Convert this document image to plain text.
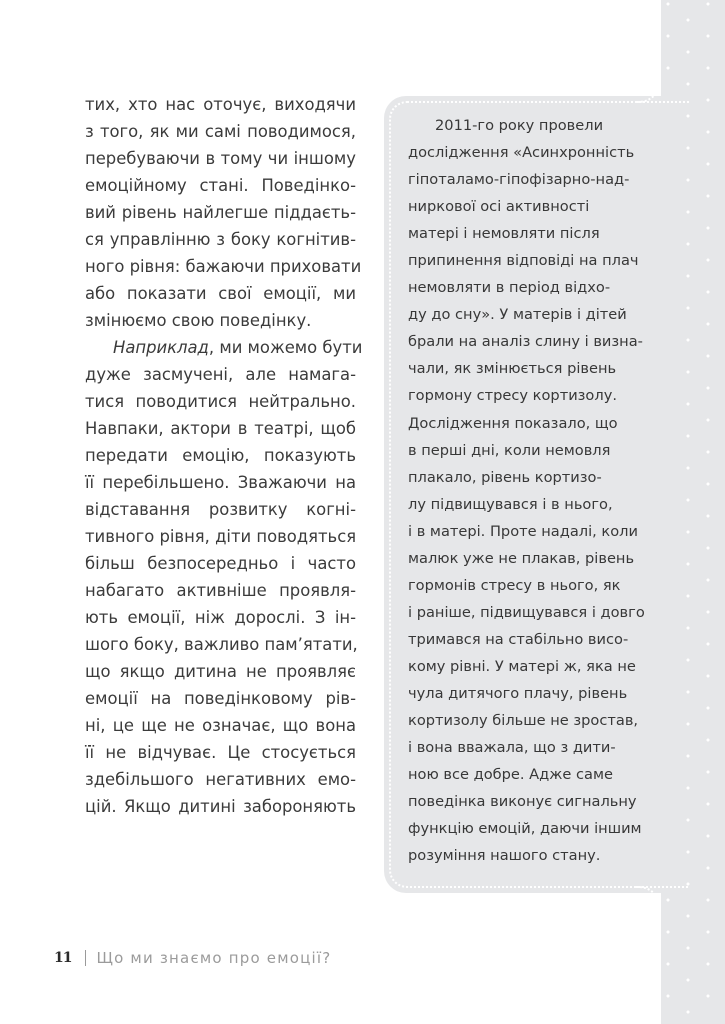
тих, хто нас оточує, виходячи
з того, як ми самі поводимося,
перебуваючи в тому чи іншому
емоційному стані. Поведінко-
вий рівень найлегше піддаєть-
ся управлінню з боку когнітив-
ного рівня: бажаючи приховати
або показати свої емоції, ми
змінюємо свою поведінку.
Наприклад, ми можемо бути
дуже засмучені, але намага-
тися поводитися нейтрально.
Навпаки, актори в театрі, щоб
передати емоцію, показують
її перебільшено. Зважаючи на
відставання розвитку когні-
тивного рівня, діти поводяться
більш безпосередньо і часто
набагато активніше проявля-
ють емоції, ніж дорослі. З ін-
шого боку, важливо пам’ятати,
що якщо дитина не проявляє
емоції на поведінковому рів-
ні, це ще не означає, що вона
її не відчуває. Це стосується
здебільшого негативних емо-
цій. Якщо дитині забороняють
2011-го року провели
дослідження «Асинхронність
гіпоталамо-гіпофізарно-над-
ниркової осі активності
матері і немовляти після
припинення відповіді на плач
немовляти в період відхо-
ду до сну». У матерів і дітей
брали на аналіз слину і визна-
чали, як змінюється рівень
гормону стресу кортизолу.
Дослідження показало, що
в перші дні, коли немовля
плакало, рівень кортизо-
лу підвищувався і в нього,
і в матері. Проте надалі, коли
малюк уже не плакав, рівень
гормонів стресу в нього, як
і раніше, підвищувався і довго
тримався на стабільно висо-
кому рівні. У матері ж, яка не
чула дитячого плачу, рівень
кортизолу більше не зростав,
і вона вважала, що з дити-
ною все добре. Адже саме
поведінка виконує сигнальну
функцію емоцій, даючи іншим
розуміння нашого стану.
11 Що ми знаємо про емоції?
